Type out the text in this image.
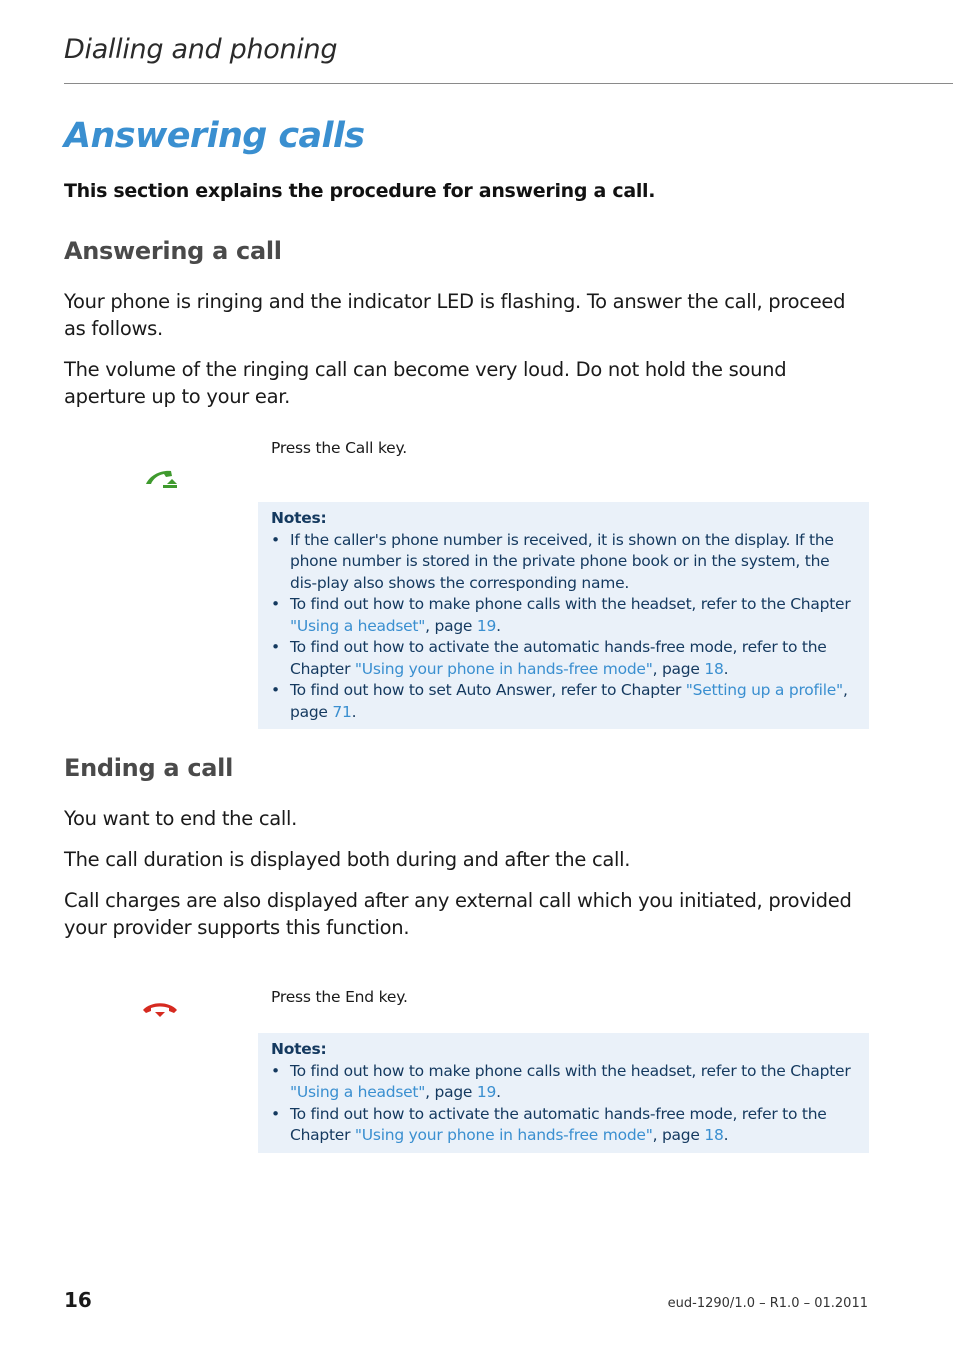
Dialling and phoning
Answering calls
This section explains the procedure for answering a call.
Answering a call
Your phone is ringing and the indicator LED is flashing. To answer the call, proceed as follows.
The volume of the ringing call can become very loud. Do not hold the sound aperture up to your ear.
Press the Call key.
Notes:
• If the caller's phone number is received, it is shown on the display. If the phone number is stored in the private phone book or in the system, the dis-play also shows the corresponding name.
• To find out how to make phone calls with the headset, refer to the Chapter "Using a headset", page 19.
• To find out how to activate the automatic hands-free mode, refer to the Chapter "Using your phone in hands-free mode", page 18.
• To find out how to set Auto Answer, refer to Chapter "Setting up a profile", page 71.
Ending a call
You want to end the call.
The call duration is displayed both during and after the call.
Call charges are also displayed after any external call which you initiated, provided your provider supports this function.
Press the End key.
Notes:
• To find out how to make phone calls with the headset, refer to the Chapter "Using a headset", page 19.
• To find out how to activate the automatic hands-free mode, refer to the Chapter "Using your phone in hands-free mode", page 18.
16	eud-1290/1.0 – R1.0 – 01.2011
